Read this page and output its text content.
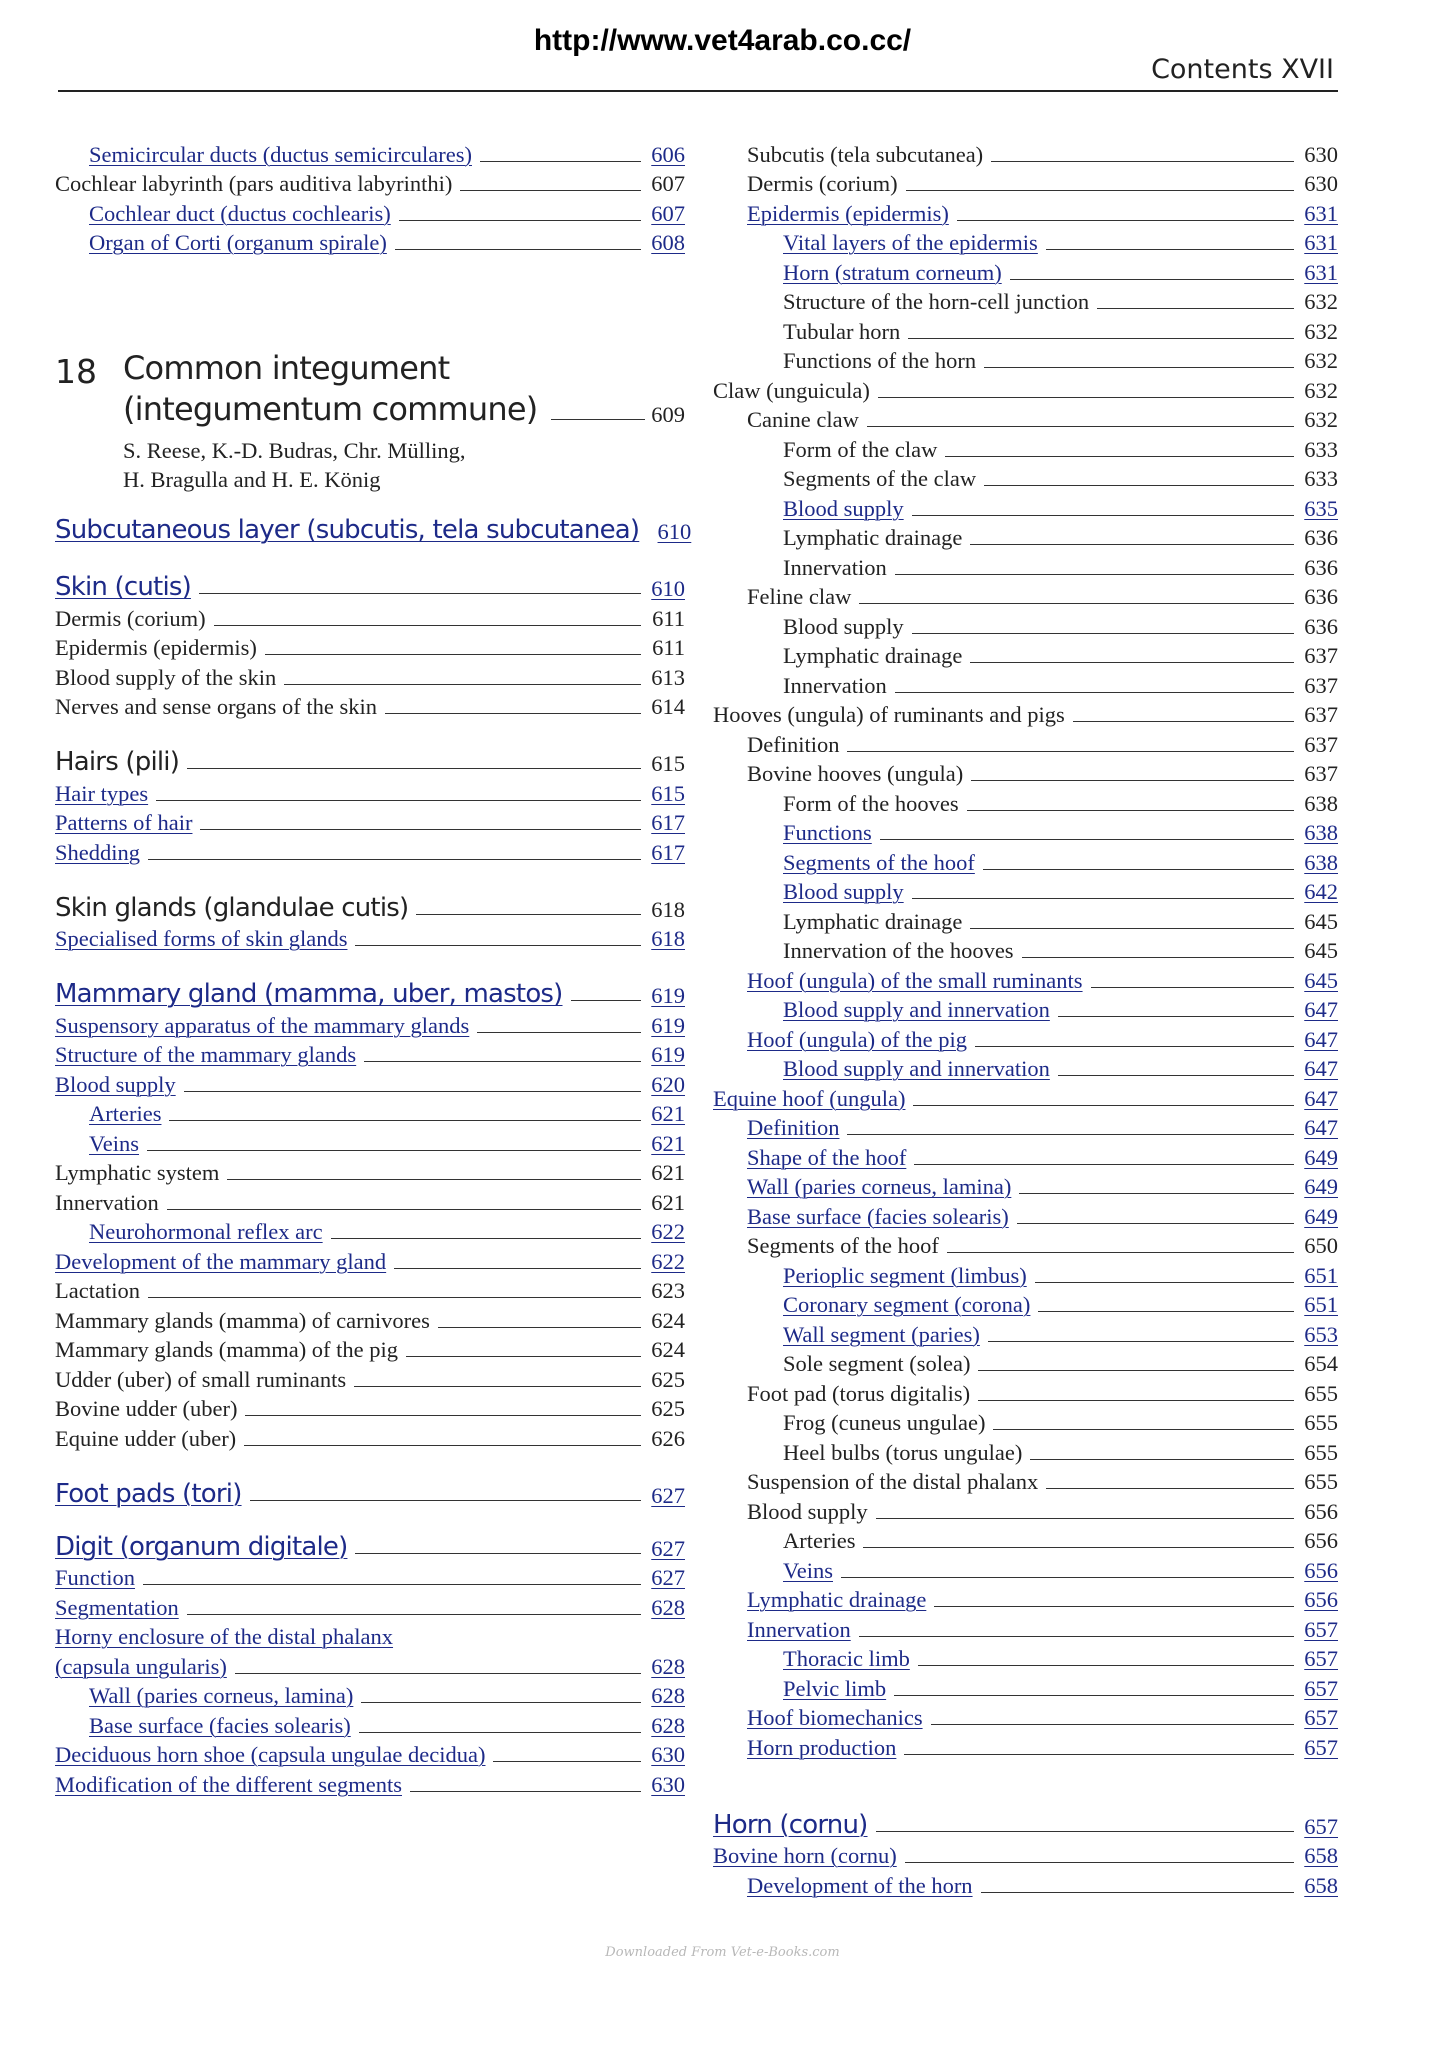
http://www.vet4arab.co.cc/
Contents XVII
Semicircular ducts (ductus semicirculares)	606
Cochlear labyrinth (pars auditiva labyrinthi)	607
Cochlear duct (ductus cochlearis)	607
Organ of Corti (organum spirale)	608
18 Common integument
(integumentum commune)	609
S. Reese, K.-D. Budras, Chr. Mülling,
H. Bragulla and H. E. König
Subcutaneous layer (subcutis, tela subcutanea) 610
Skin (cutis)	610
Dermis (corium)	611
Epidermis (epidermis)	611
Blood supply of the skin	613
Nerves and sense organs of the skin	614
Hairs (pili)	615
Hair types	615
Patterns of hair	617
Shedding	617
Skin glands (glandulae cutis)	618
Specialised forms of skin glands	618
Mammary gland (mamma, uber, mastos)	619
Suspensory apparatus of the mammary glands	619
Structure of the mammary glands	619
Blood supply	620
Arteries	621
Veins	621
Lymphatic system	621
Innervation	621
Neurohormonal reflex arc	622
Development of the mammary gland	622
Lactation	623
Mammary glands (mamma) of carnivores	624
Mammary glands (mamma) of the pig	624
Udder (uber) of small ruminants	625
Bovine udder (uber)	625
Equine udder (uber)	626
Foot pads (tori)	627
Digit (organum digitale)	627
Function	627
Segmentation	628
Horny enclosure of the distal phalanx
(capsula ungularis)	628
Wall (paries corneus, lamina)	628
Base surface (facies solearis)	628
Deciduous horn shoe (capsula ungulae decidua)	630
Modification of the different segments	630
Subcutis (tela subcutanea)	630
Dermis (corium)	630
Epidermis (epidermis)	631
Vital layers of the epidermis	631
Horn (stratum corneum)	631
Structure of the horn-cell junction	632
Tubular horn	632
Functions of the horn	632
Claw (unguicula)	632
Canine claw	632
Form of the claw	633
Segments of the claw	633
Blood supply	635
Lymphatic drainage	636
Innervation	636
Feline claw	636
Blood supply	636
Lymphatic drainage	637
Innervation	637
Hooves (ungula) of ruminants and pigs	637
Definition	637
Bovine hooves (ungula)	637
Form of the hooves	638
Functions	638
Segments of the hoof	638
Blood supply	642
Lymphatic drainage	645
Innervation of the hooves	645
Hoof (ungula) of the small ruminants	645
Blood supply and innervation	647
Hoof (ungula) of the pig	647
Blood supply and innervation	647
Equine hoof (ungula)	647
Definition	647
Shape of the hoof	649
Wall (paries corneus, lamina)	649
Base surface (facies solearis)	649
Segments of the hoof	650
Perioplic segment (limbus)	651
Coronary segment (corona)	651
Wall segment (paries)	653
Sole segment (solea)	654
Foot pad (torus digitalis)	655
Frog (cuneus ungulae)	655
Heel bulbs (torus ungulae)	655
Suspension of the distal phalanx	655
Blood supply	656
Arteries	656
Veins	656
Lymphatic drainage	656
Innervation	657
Thoracic limb	657
Pelvic limb	657
Hoof biomechanics	657
Horn production	657
Horn (cornu)	657
Bovine horn (cornu)	658
Development of the horn	658
Downloaded From Vet-e-Books.com
